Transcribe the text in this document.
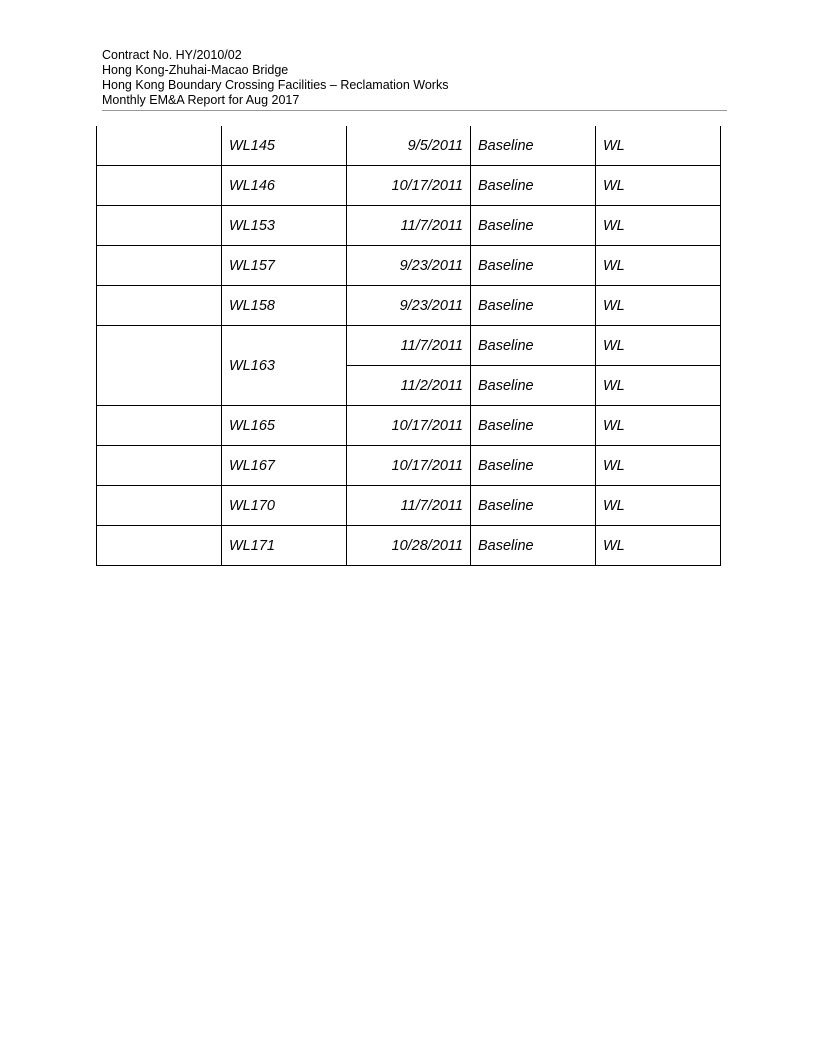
Contract No. HY/2010/02
Hong Kong-Zhuhai-Macao Bridge
Hong Kong Boundary Crossing Facilities – Reclamation Works
Monthly EM&A Report for Aug 2017
	WL145	9/5/2011	Baseline	WL
	WL146	10/17/2011	Baseline	WL
	WL153	11/7/2011	Baseline	WL
	WL157	9/23/2011	Baseline	WL
	WL158	9/23/2011	Baseline	WL
	WL163	11/7/2011	Baseline	WL
		11/2/2011	Baseline	WL
	WL165	10/17/2011	Baseline	WL
	WL167	10/17/2011	Baseline	WL
	WL170	11/7/2011	Baseline	WL
	WL171	10/28/2011	Baseline	WL
